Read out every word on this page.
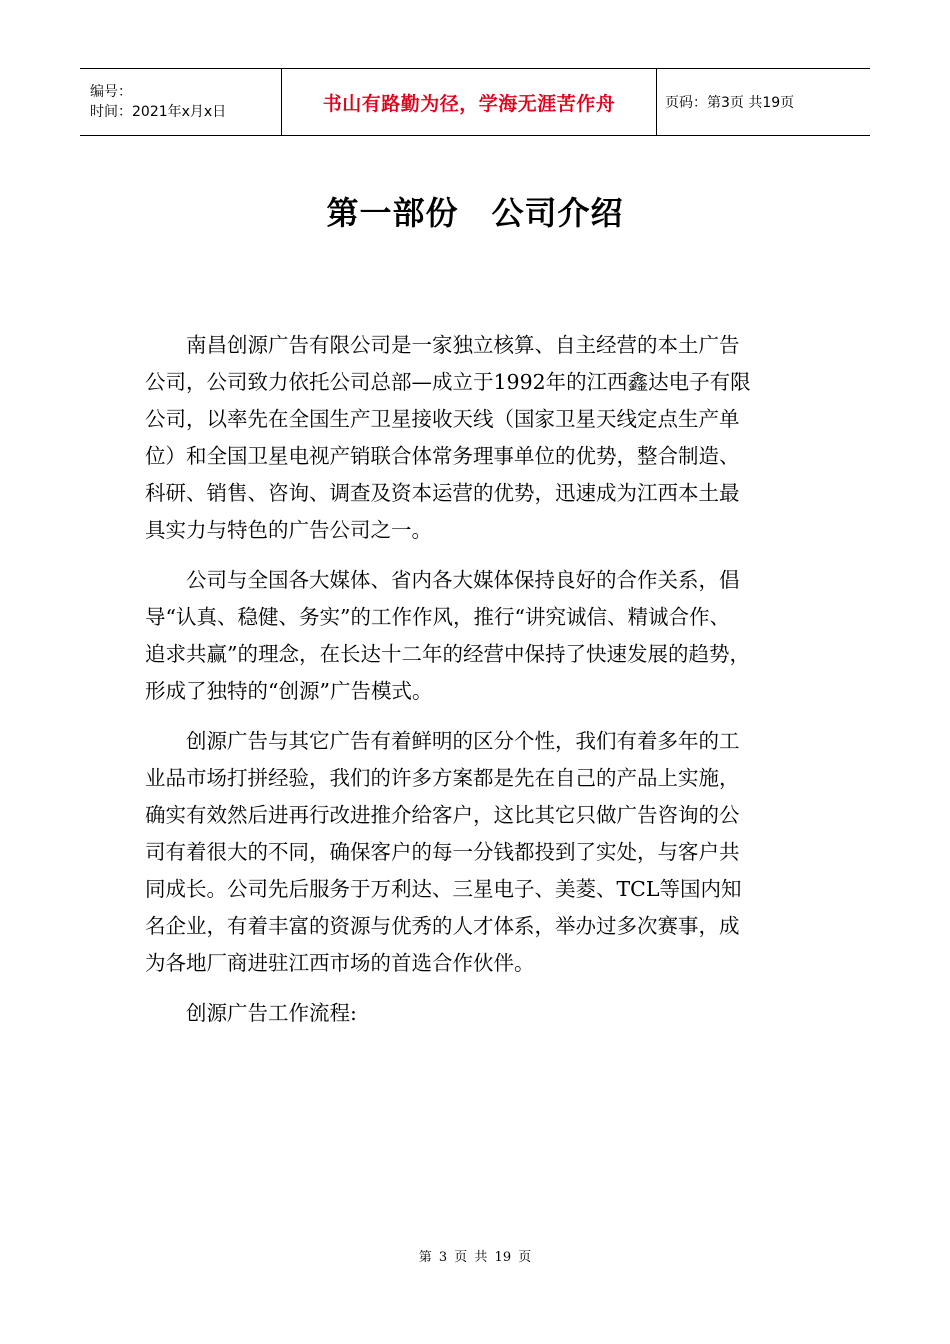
编号：
时间：2021年x月x日	书山有路勤为径，学海无涯苦作舟	页码：第3页 共19页
第一部份　公司介绍
　　南昌创源广告有限公司是一家独立核算、自主经营的本土广告
公司，公司致力依托公司总部—成立于1992年的江西鑫达电子有限
公司，以率先在全国生产卫星接收天线（国家卫星天线定点生产单
位）和全国卫星电视产销联合体常务理事单位的优势，整合制造、
科研、销售、咨询、调查及资本运营的优势，迅速成为江西本土最
具实力与特色的广告公司之一。
　　公司与全国各大媒体、省内各大媒体保持良好的合作关系，倡
导“认真、稳健、务实”的工作作风，推行“讲究诚信、精诚合作、
追求共赢”的理念，在长达十二年的经营中保持了快速发展的趋势，
形成了独特的“创源”广告模式。
　　创源广告与其它广告有着鲜明的区分个性，我们有着多年的工
业品市场打拼经验，我们的许多方案都是先在自己的产品上实施，
确实有效然后进再行改进推介给客户，这比其它只做广告咨询的公
司有着很大的不同，确保客户的每一分钱都投到了实处，与客户共
同成长。公司先后服务于万利达、三星电子、美菱、TCL等国内知
名企业，有着丰富的资源与优秀的人才体系，举办过多次赛事，成
为各地厂商进驻江西市场的首选合作伙伴。
　　创源广告工作流程:
第 3 页 共 19 页
